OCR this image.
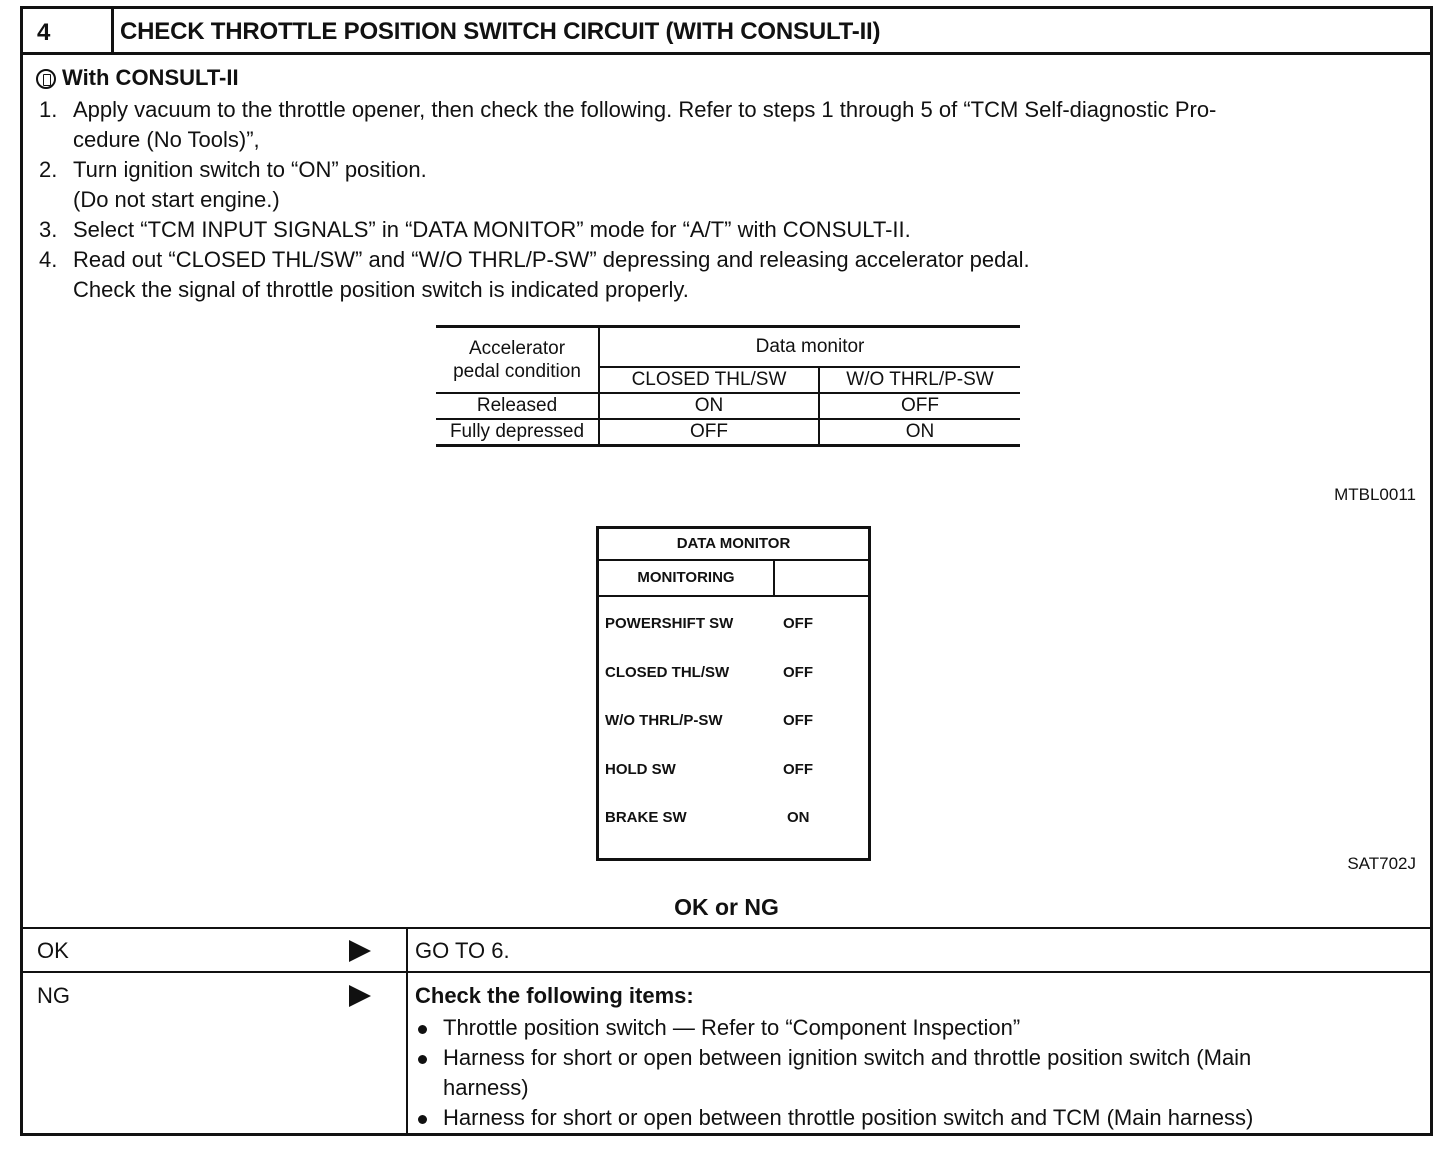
4	CHECK THROTTLE POSITION SWITCH CIRCUIT (WITH CONSULT-II)
With CONSULT-II
1. Apply vacuum to the throttle opener, then check the following. Refer to steps 1 through 5 of “TCM Self-diagnostic Pro-
cedure (No Tools)”,
2. Turn ignition switch to “ON” position.
(Do not start engine.)
3. Select “TCM INPUT SIGNALS” in “DATA MONITOR” mode for “A/T” with CONSULT-II.
4. Read out “CLOSED THL/SW” and “W/O THRL/P-SW” depressing and releasing accelerator pedal.
Check the signal of throttle position switch is indicated properly.
Accelerator
pedal condition	Data monitor	
	CLOSED THL/SW	W/O THRL/P-SW
Released	ON	OFF
Fully depressed	OFF	ON
MTBL0011
DATA MONITOR
MONITORING
POWERSHIFT SW	OFF
CLOSED THL/SW	OFF
W/O THRL/P-SW	OFF
HOLD SW	OFF
BRAKE SW	ON
SAT702J
OK or NG
OK	GO TO 6.
NG	Check the following items:
Throttle position switch — Refer to “Component Inspection”
Harness for short or open between ignition switch and throttle position switch (Main
harness)
Harness for short or open between throttle position switch and TCM (Main harness)
